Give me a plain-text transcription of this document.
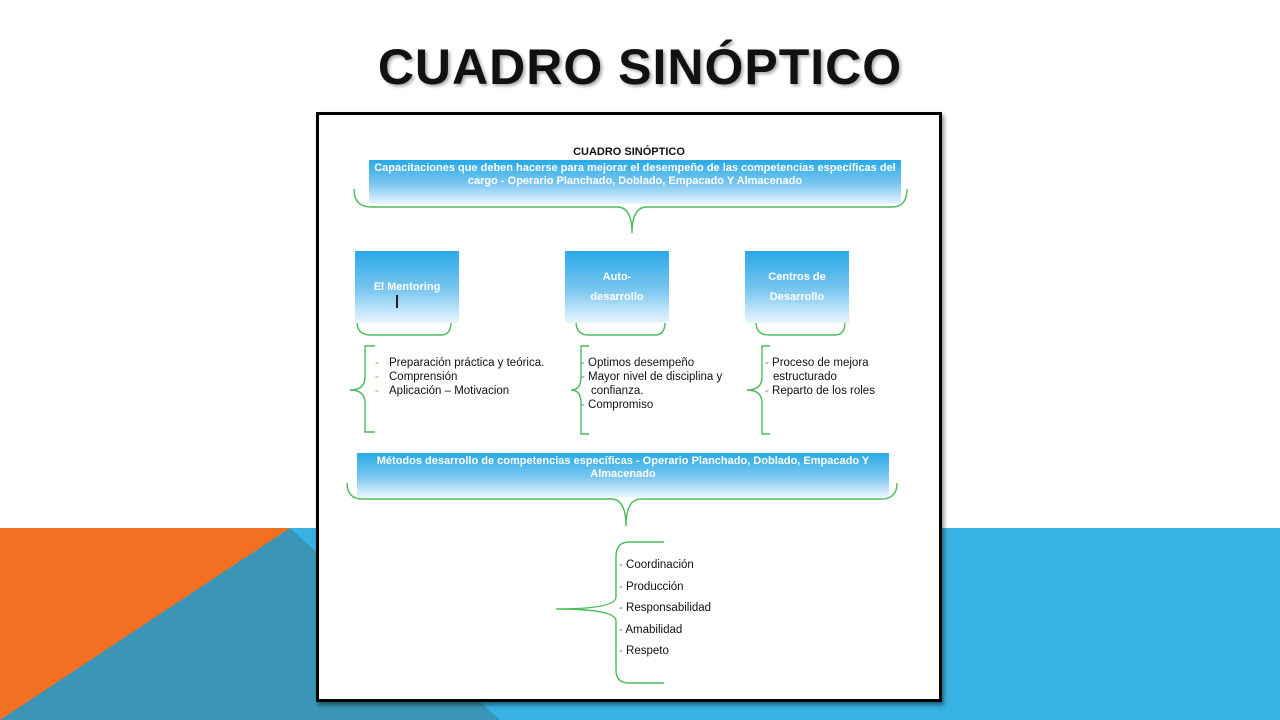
CUADRO SINÓPTICO
CUADRO SINÓPTICO
Capacitaciones que deben hacerse para mejorar el desempeño de las competencias específicas del cargo - Operario Planchado, Doblado, Empacado Y Almacenado
El Mentoring
Auto-desarrollo
Centros de Desarrollo
- Preparación práctica y teórica.
- Comprensión
- Aplicación – Motivacion
- Optimos desempeño
- Mayor nivel de disciplina y confianza.
- Compromiso
- Proceso de mejora estructurado
- Reparto de los roles
Métodos desarrollo de competencias específicas - Operario Planchado, Doblado, Empacado Y Almacenado
- Coordinación
- Producción
- Responsabilidad
- Amabilidad
- Respeto
